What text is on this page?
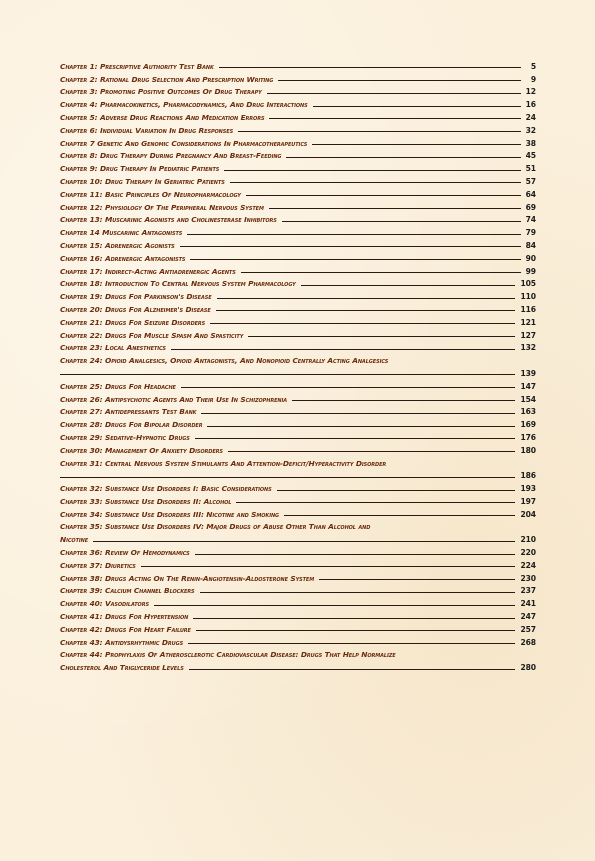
Chapter 1: Prescriptive Authority Test Bank	5
Chapter 2: Rational Drug Selection And Prescription Writing	9
Chapter 3: Promoting Positive Outcomes Of Drug Therapy	12
Chapter 4: Pharmacokinetics, Pharmacodynamics, And Drug Interactions	16
Chapter 5: Adverse Drug Reactions And Medication Errors	24
Chapter 6: Individual Variation In Drug Responses	32
Chapter 7 Genetic And Genomic Considerations In Pharmacotherapeutics	38
Chapter 8: Drug Therapy During Pregnancy And Breast-Feeding	45
Chapter 9: Drug Therapy In Pediatric Patients	51
Chapter 10: Drug Therapy In Geriatric Patients	57
Chapter 11: Basic Principles Of Neuropharmacology	64
Chapter 12: Physiology Of The Peripheral Nervous System	69
Chapter 13: Muscarinic Agonists and Cholinesterase Inhibitors	74
Chapter 14 Muscarinic Antagonists	79
Chapter 15: Adrenergic Agonists	84
Chapter 16: Adrenergic Antagonists	90
Chapter 17: Indirect-Acting Antiadrenergic Agents	99
Chapter 18: Introduction To Central Nervous System Pharmacology	105
Chapter 19: Drugs For Parkinson's Disease	110
Chapter 20: Drugs For Alzheimer's Disease	116
Chapter 21: Drugs For Seizure Disorders	121
Chapter 22: Drugs For Muscle Spasm And Spasticity	127
Chapter 23: Local Anesthetics	132
Chapter 24: Opioid Analgesics, Opioid Antagonists, And Nonopioid Centrally Acting Analgesics
139
Chapter 25: Drugs For Headache	147
Chapter 26: Antipsychotic Agents And Their Use In Schizophrenia	154
Chapter 27: Antidepressants Test Bank	163
Chapter 28: Drugs For Bipolar Disorder	169
Chapter 29: Sedative-Hypnotic Drugs	176
Chapter 30: Management Of Anxiety Disorders	180
Chapter 31: Central Nervous System Stimulants And Attention-Deficit/Hyperactivity Disorder
186
Chapter 32: Substance Use Disorders I: Basic Considerations	193
Chapter 33: Substance Use Disorders II: Alcohol	197
Chapter 34: Substance Use Disorders III: Nicotine and Smoking	204
Chapter 35: Substance Use Disorders IV: Major Drugs of Abuse Other Than Alcohol and
Nicotine	210
Chapter 36: Review Of Hemodynamics	220
Chapter 37: Diuretics	224
Chapter 38: Drugs Acting On The Renin-Angiotensin-Aldosterone System	230
Chapter 39: Calcium Channel Blockers	237
Chapter 40: Vasodilators	241
Chapter 41: Drugs For Hypertension	247
Chapter 42: Drugs For Heart Failure	257
Chapter 43: Antidysrhythmic Drugs	268
Chapter 44: Prophylaxis Of Atherosclerotic Cardiovascular Disease: Drugs That Help Normalize
Cholesterol And Triglyceride Levels	280
